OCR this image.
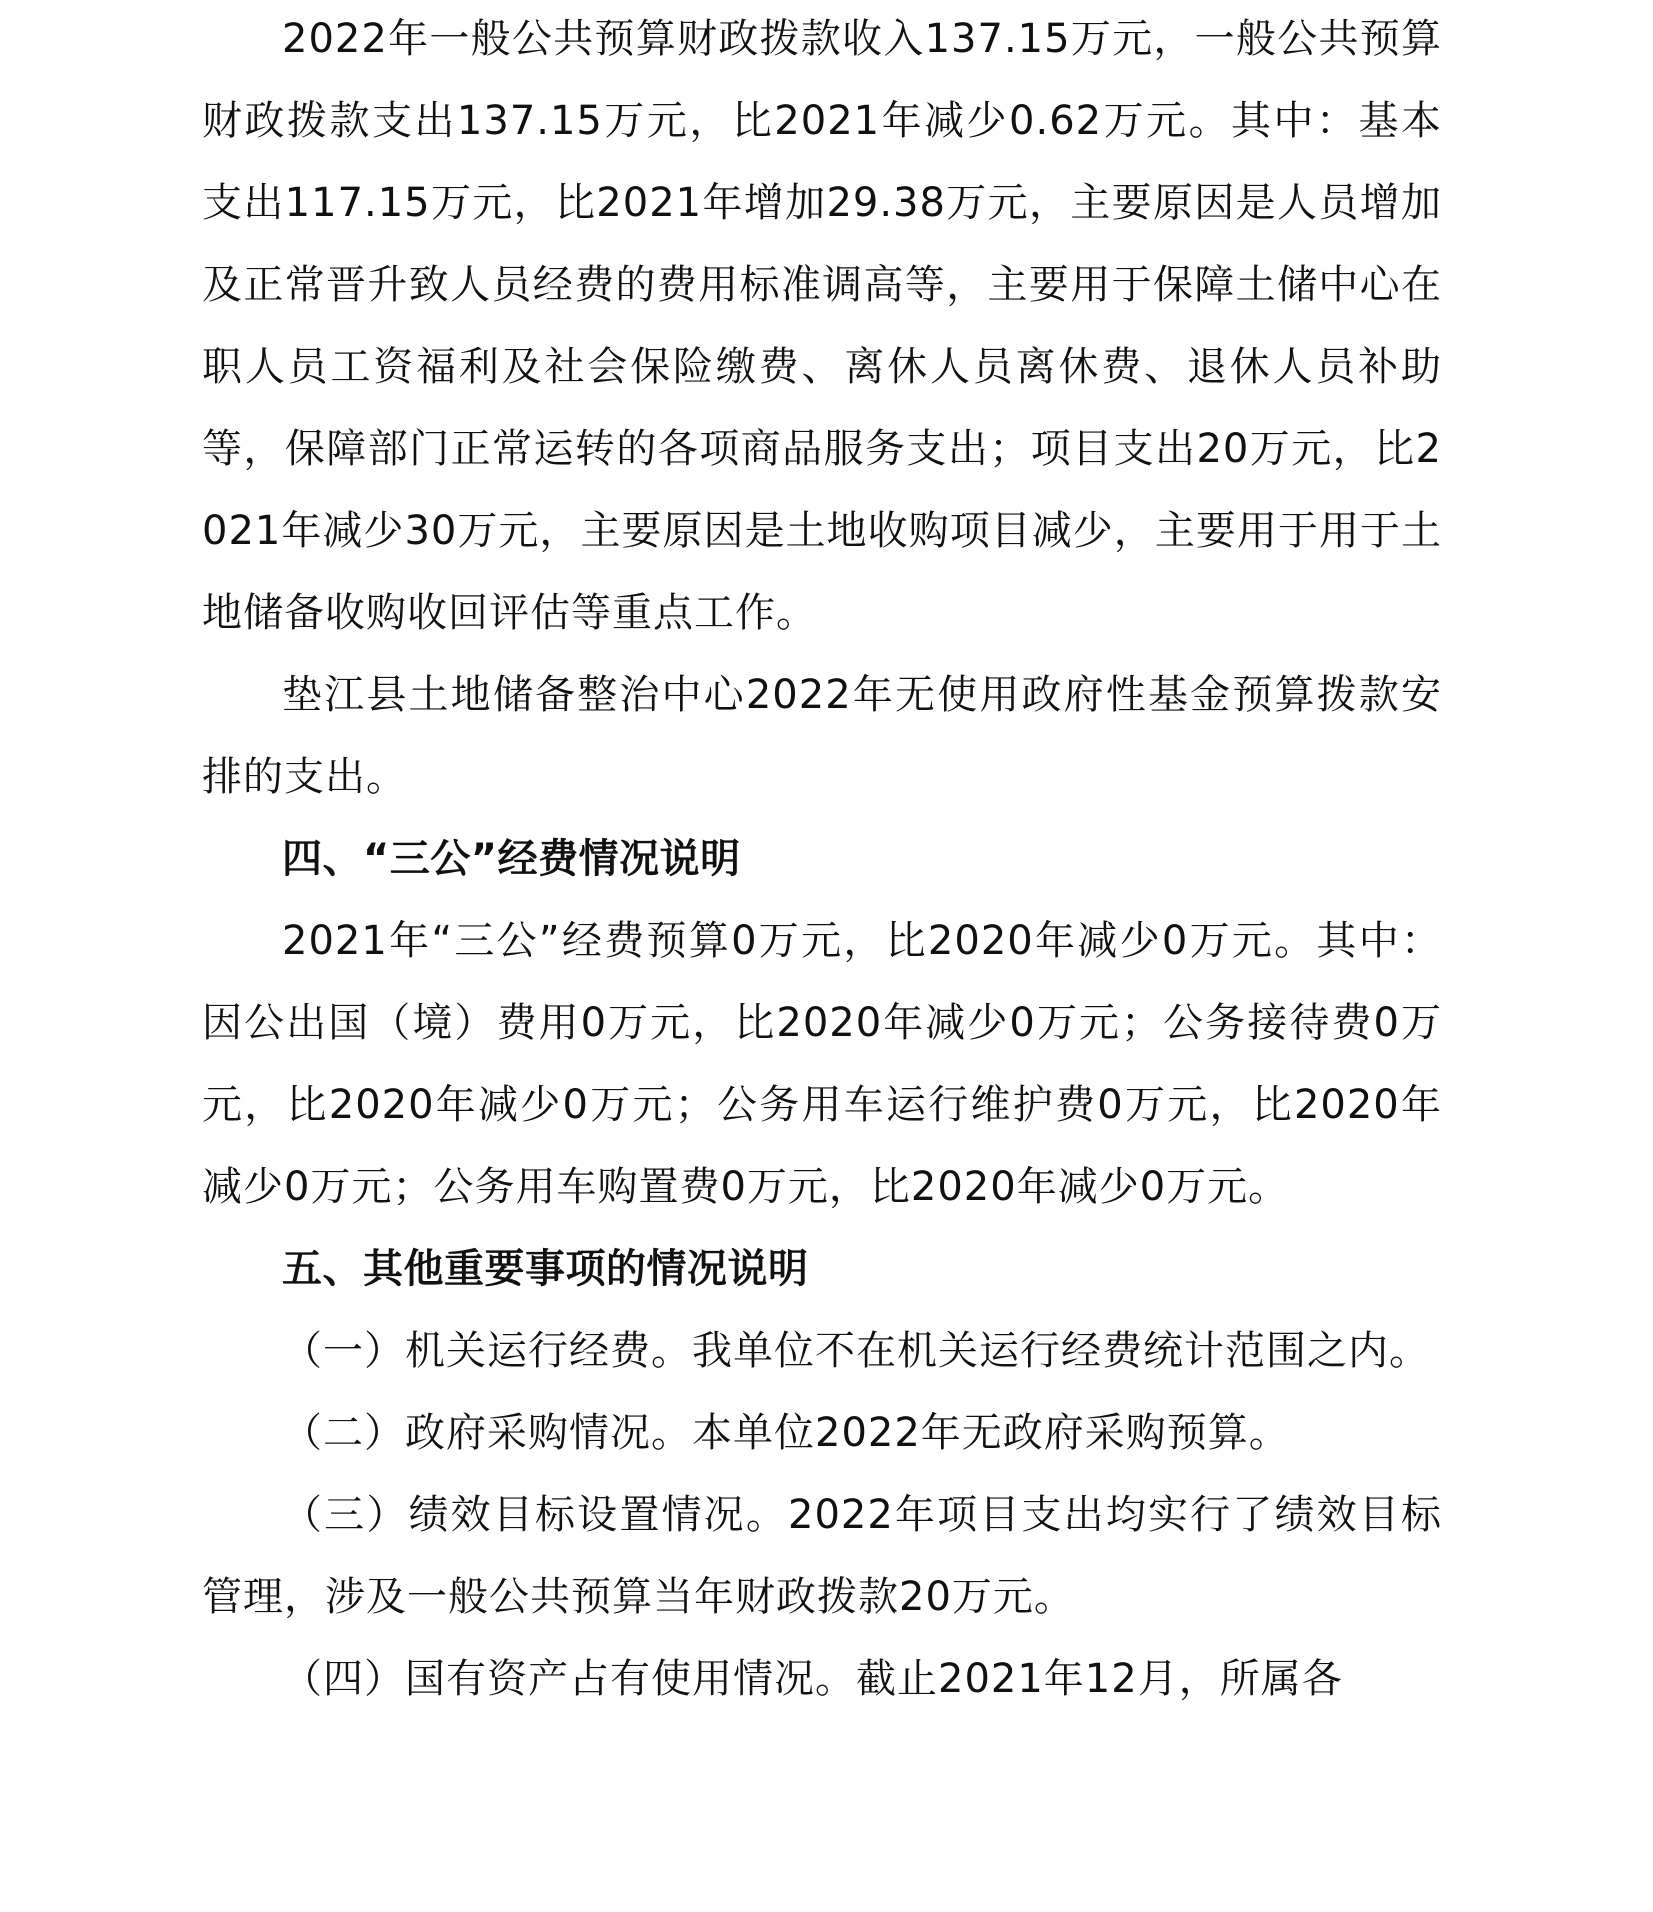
2022年一般公共预算财政拨款收入137.15万元，一般公共预算财政拨款支出137.15万元，比2021年减少0.62万元。其中：基本支出117.15万元，比2021年增加29.38万元，主要原因是人员增加及正常晋升致人员经费的费用标准调高等，主要用于保障土储中心在职人员工资福利及社会保险缴费、离休人员离休费、退休人员补助等，保障部门正常运转的各项商品服务支出；项目支出20万元，比2021年减少30万元，主要原因是土地收购项目减少，主要用于用于土地储备收购收回评估等重点工作。

垫江县土地储备整治中心2022年无使用政府性基金预算拨款安排的支出。

四、“三公”经费情况说明

2021年“三公”经费预算0万元，比2020年减少0万元。其中：因公出国（境）费用0万元，比2020年减少0万元；公务接待费0万元，比2020年减少0万元；公务用车运行维护费0万元，比2020年减少0万元；公务用车购置费0万元，比2020年减少0万元。

五、其他重要事项的情况说明

（一）机关运行经费。我单位不在机关运行经费统计范围之内。

（二）政府采购情况。本单位2022年无政府采购预算。

（三）绩效目标设置情况。2022年项目支出均实行了绩效目标管理，涉及一般公共预算当年财政拨款20万元。

（四）国有资产占有使用情况。截止2021年12月，所属各
